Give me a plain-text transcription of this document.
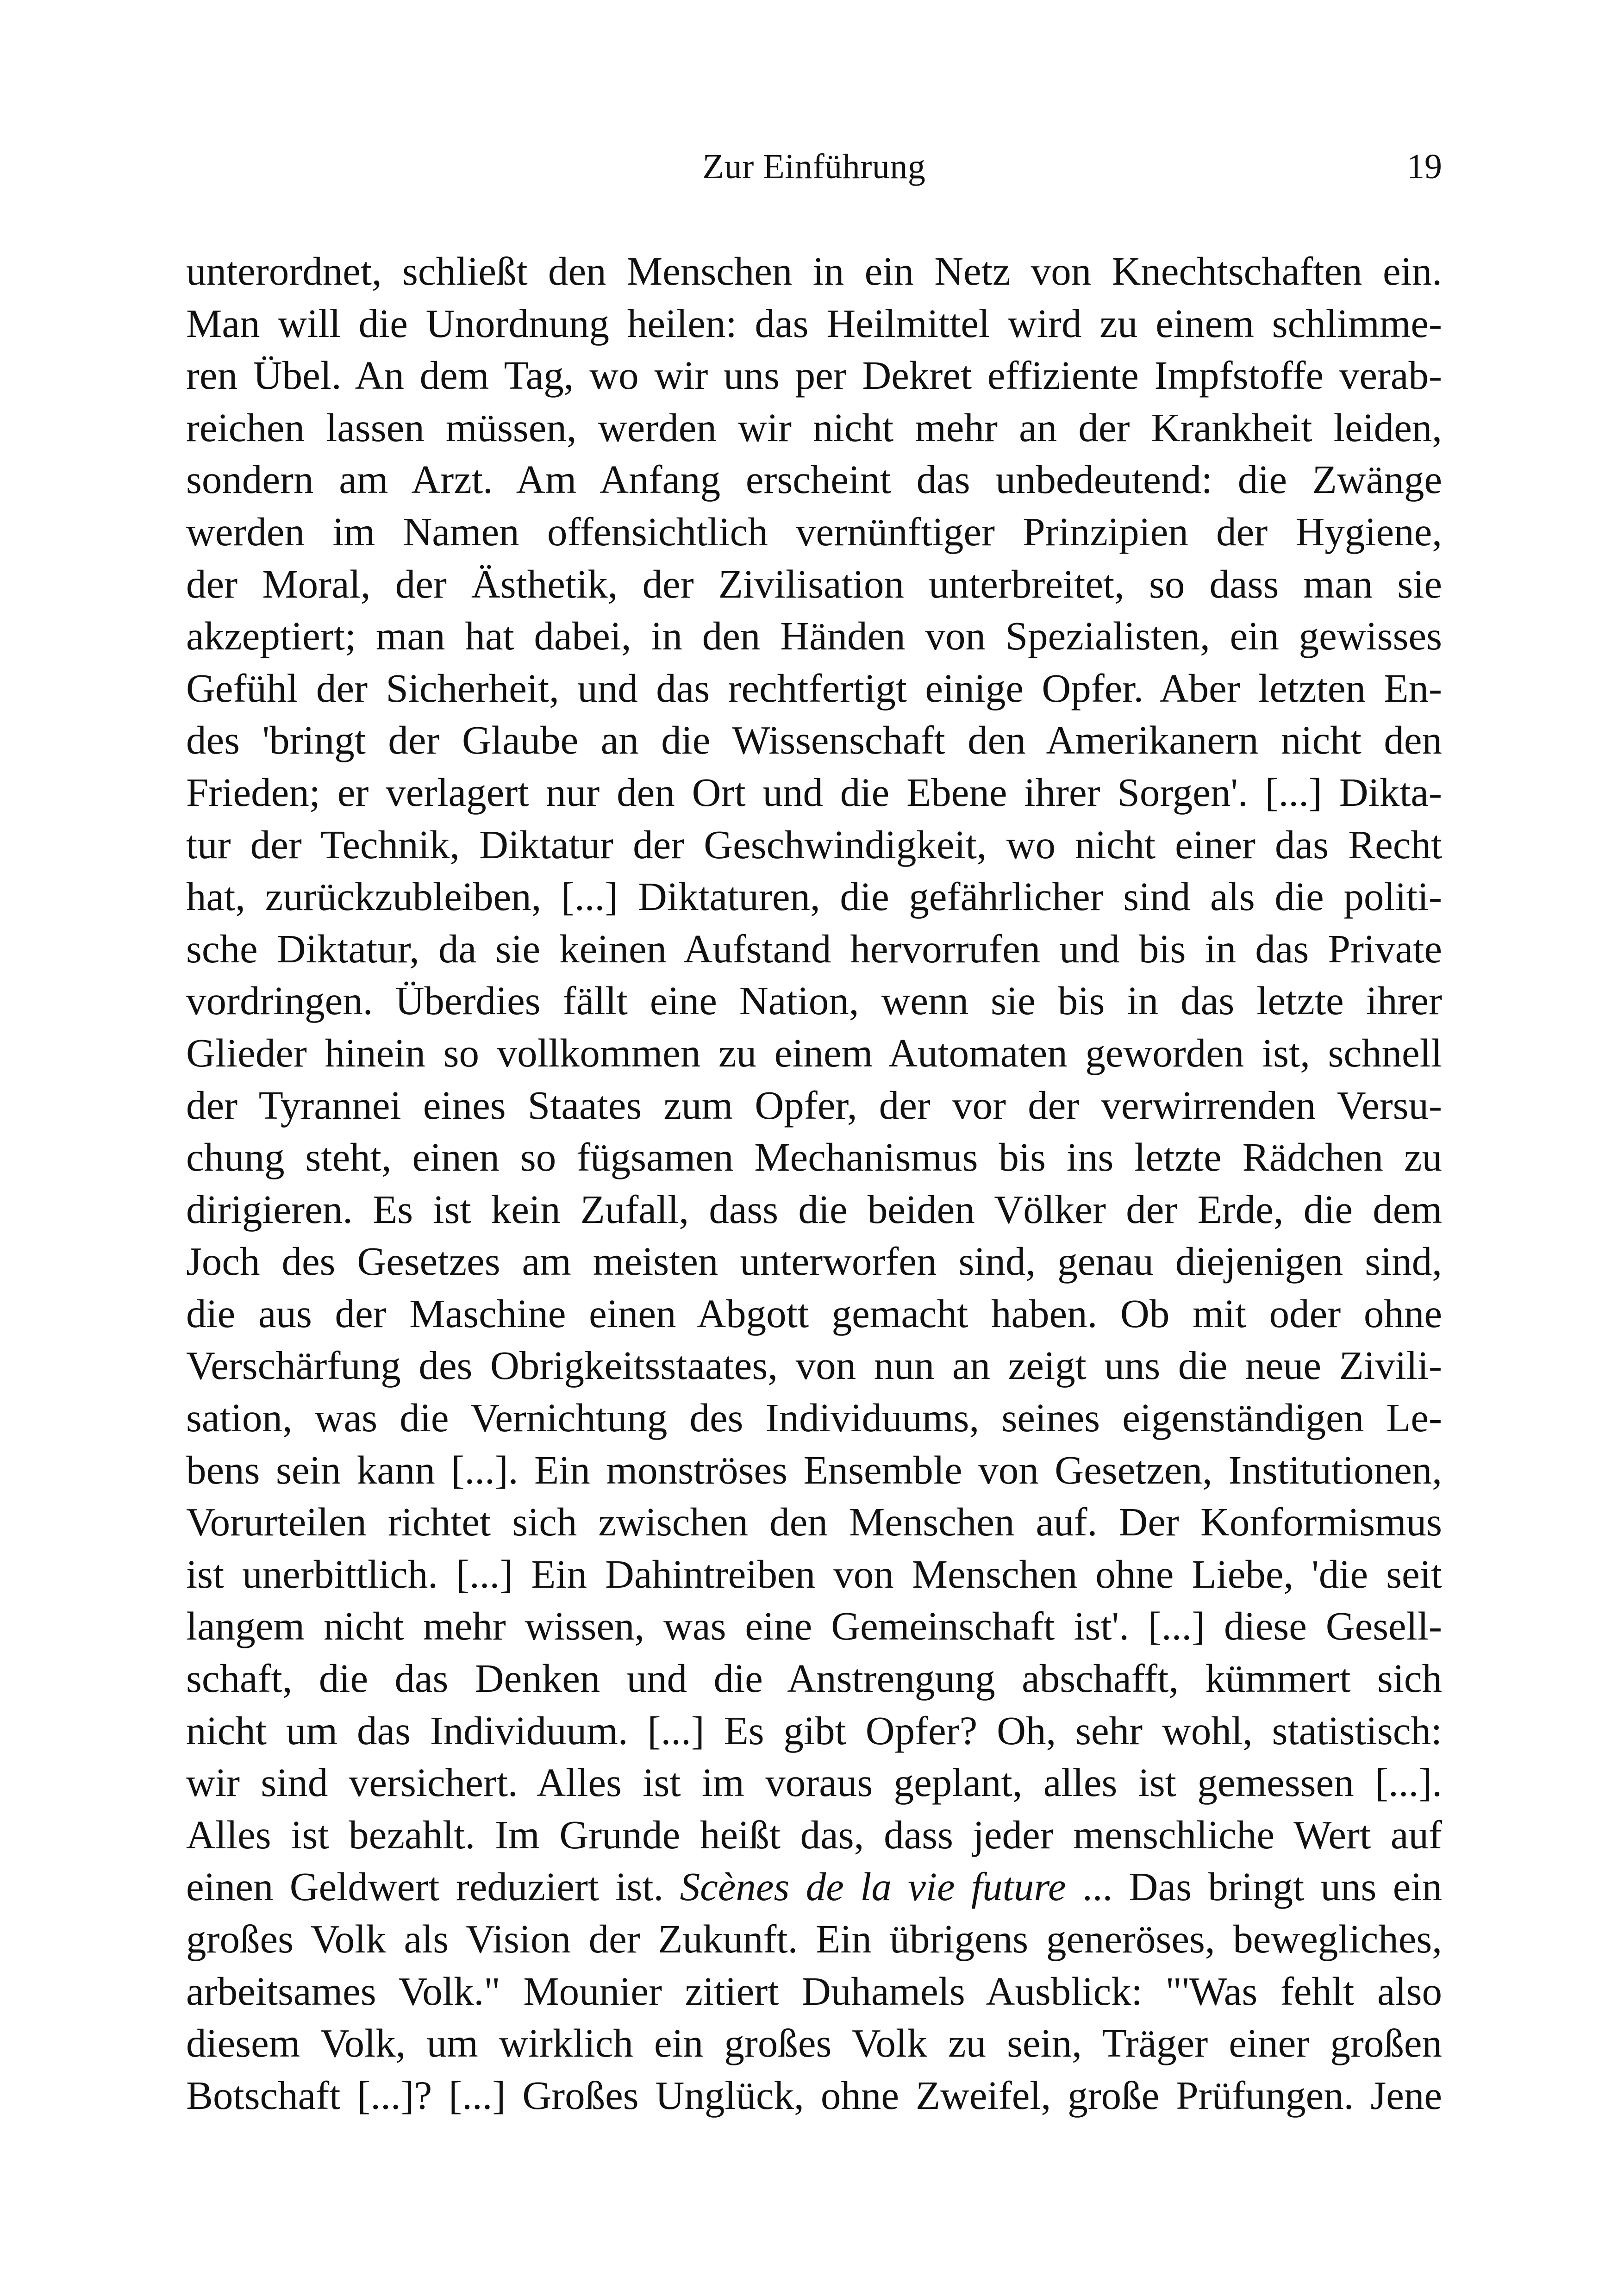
Zur Einführung	19
unterordnet, schließt den Menschen in ein Netz von Knechtschaften ein.
Man will die Unordnung heilen: das Heilmittel wird zu einem schlimme-
ren Übel. An dem Tag, wo wir uns per Dekret effiziente Impfstoffe verab-
reichen lassen müssen, werden wir nicht mehr an der Krankheit leiden,
sondern am Arzt. Am Anfang erscheint das unbedeutend: die Zwänge
werden im Namen offensichtlich vernünftiger Prinzipien der Hygiene,
der Moral, der Ästhetik, der Zivilisation unterbreitet, so dass man sie
akzeptiert; man hat dabei, in den Händen von Spezialisten, ein gewisses
Gefühl der Sicherheit, und das rechtfertigt einige Opfer. Aber letzten En-
des 'bringt der Glaube an die Wissenschaft den Amerikanern nicht den
Frieden; er verlagert nur den Ort und die Ebene ihrer Sorgen'. [...] Dikta-
tur der Technik, Diktatur der Geschwindigkeit, wo nicht einer das Recht
hat, zurückzubleiben, [...] Diktaturen, die gefährlicher sind als die politi-
sche Diktatur, da sie keinen Aufstand hervorrufen und bis in das Private
vordringen. Überdies fällt eine Nation, wenn sie bis in das letzte ihrer
Glieder hinein so vollkommen zu einem Automaten geworden ist, schnell
der Tyrannei eines Staates zum Opfer, der vor der verwirrenden Versu-
chung steht, einen so fügsamen Mechanismus bis ins letzte Rädchen zu
dirigieren. Es ist kein Zufall, dass die beiden Völker der Erde, die dem
Joch des Gesetzes am meisten unterworfen sind, genau diejenigen sind,
die aus der Maschine einen Abgott gemacht haben. Ob mit oder ohne
Verschärfung des Obrigkeitsstaates, von nun an zeigt uns die neue Zivili-
sation, was die Vernichtung des Individuums, seines eigenständigen Le-
bens sein kann [...]. Ein monströses Ensemble von Gesetzen, Institutionen,
Vorurteilen richtet sich zwischen den Menschen auf. Der Konformismus
ist unerbittlich. [...] Ein Dahintreiben von Menschen ohne Liebe, 'die seit
langem nicht mehr wissen, was eine Gemeinschaft ist'. [...] diese Gesell-
schaft, die das Denken und die Anstrengung abschafft, kümmert sich
nicht um das Individuum. [...] Es gibt Opfer? Oh, sehr wohl, statistisch:
wir sind versichert. Alles ist im voraus geplant, alles ist gemessen [...].
Alles ist bezahlt. Im Grunde heißt das, dass jeder menschliche Wert auf
einen Geldwert reduziert ist. Scènes de la vie future ... Das bringt uns ein
großes Volk als Vision der Zukunft. Ein übrigens generöses, bewegliches,
arbeitsames Volk." Mounier zitiert Duhamels Ausblick: "'Was fehlt also
diesem Volk, um wirklich ein großes Volk zu sein, Träger einer großen
Botschaft [...]? [...] Großes Unglück, ohne Zweifel, große Prüfungen. Jene
